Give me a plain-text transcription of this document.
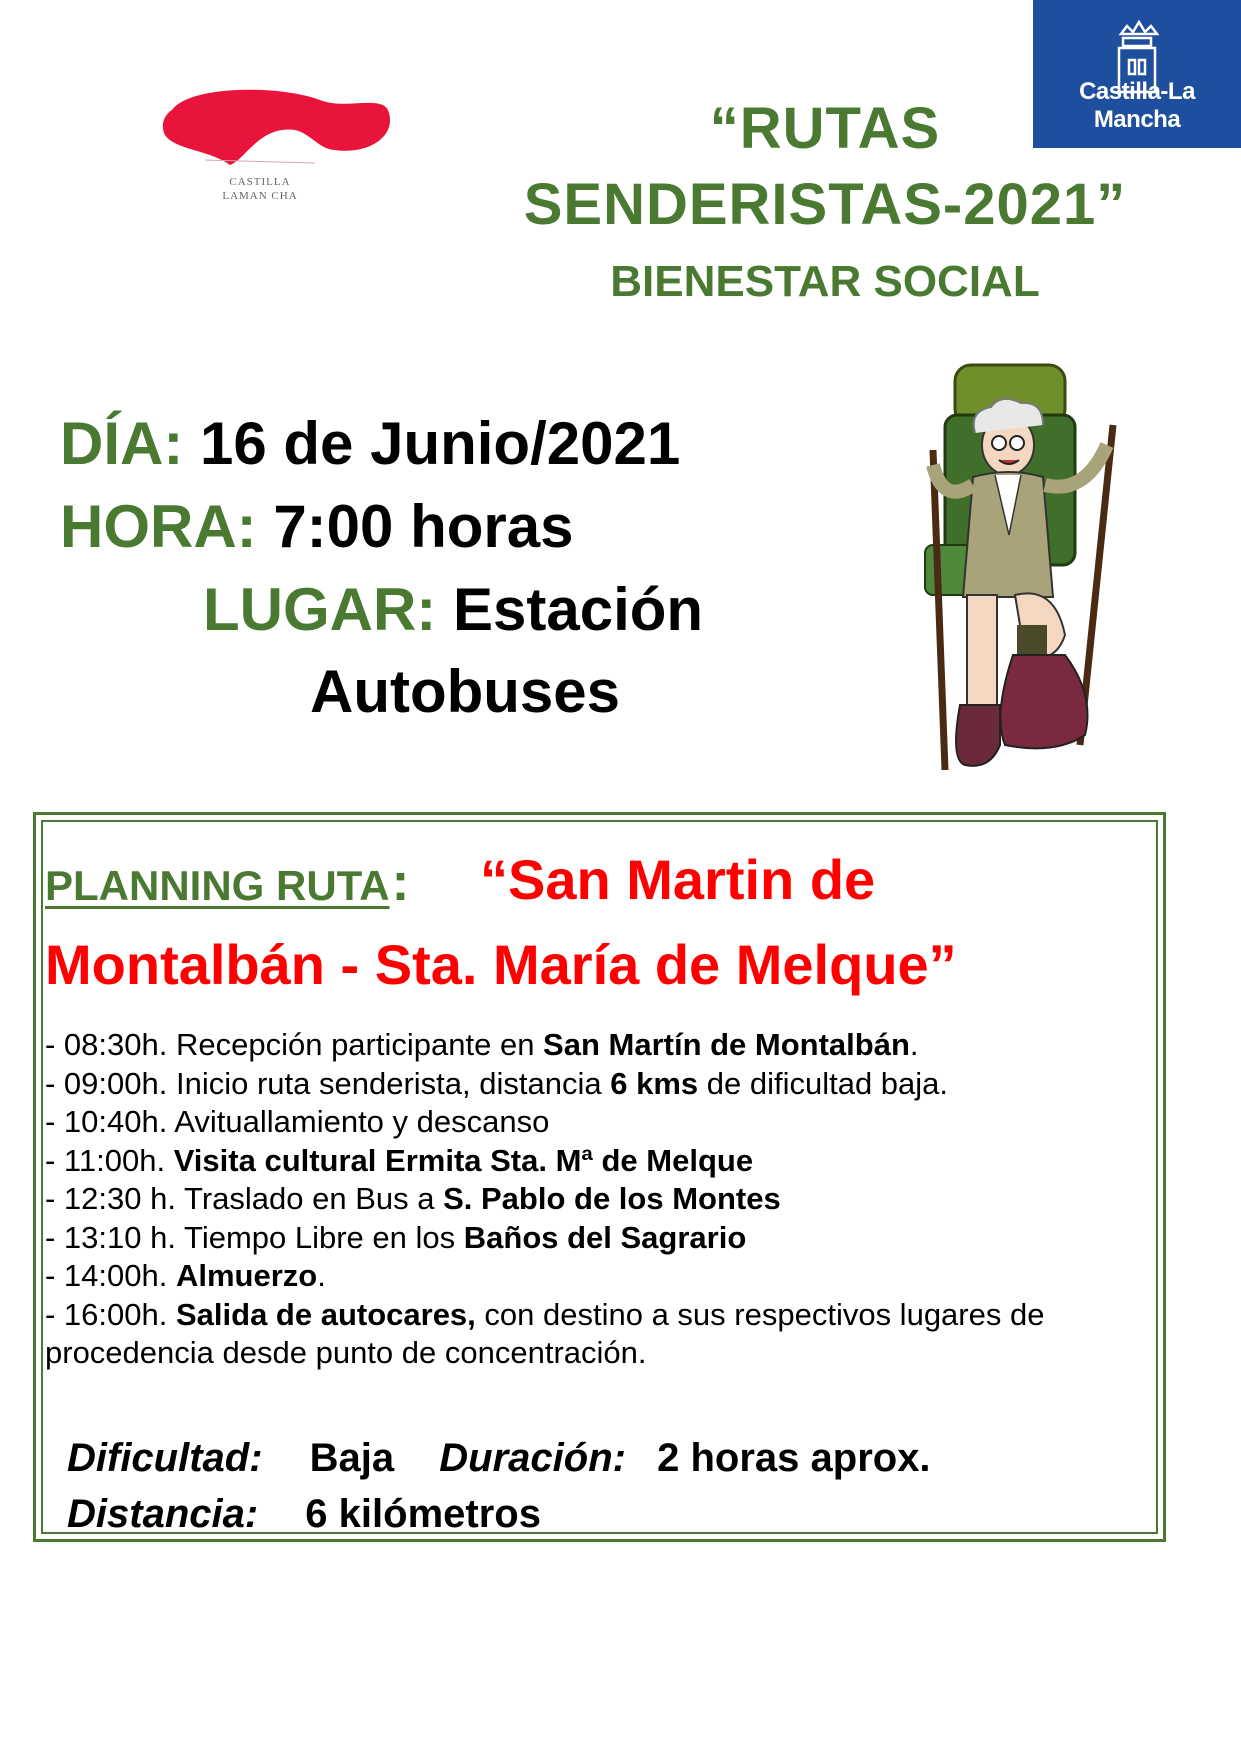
CASTILLA LAMAN CHA
Castilla-La Mancha
“RUTAS
SENDERISTAS-2021”
BIENESTAR SOCIAL
DÍA: 16 de Junio/2021
HORA: 7:00 horas
LUGAR: Estación
Autobuses
PLANNING RUTA: “San Martin de
Montalbán - Sta. María de Melque”
- 08:30h. Recepción participante en San Martín de Montalbán.
- 09:00h. Inicio ruta senderista, distancia 6 kms de dificultad baja.
- 10:40h. Avituallamiento y descanso
- 11:00h. Visita cultural Ermita Sta. Mª de Melque
- 12:30 h. Traslado en Bus a S. Pablo de los Montes
- 13:10 h. Tiempo Libre en los Baños del Sagrario
- 14:00h. Almuerzo.
- 16:00h. Salida de autocares, con destino a sus respectivos lugares de
procedencia desde punto de concentración.
Dificultad: Baja Duración: 2 horas aprox.
Distancia: 6 kilómetros
